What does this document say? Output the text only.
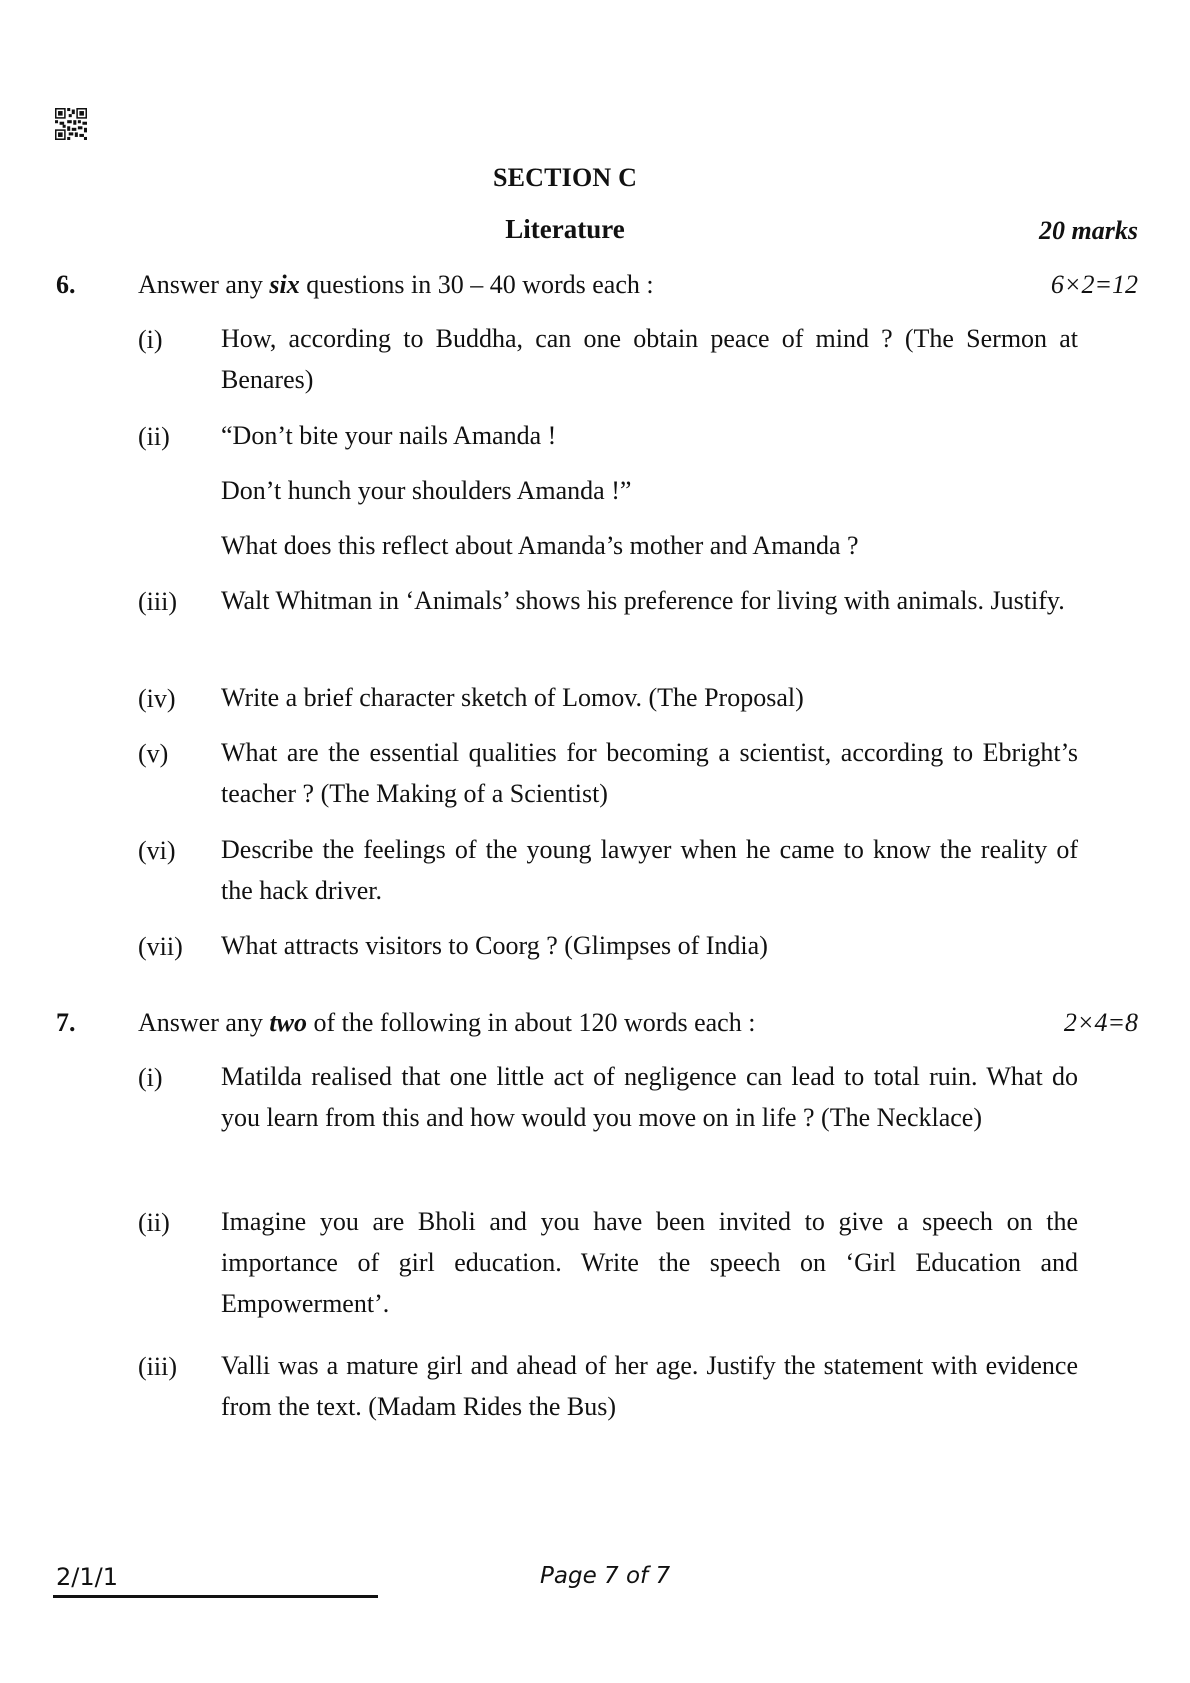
SECTION C
Literature	20 marks
6. Answer any six questions in 30 – 40 words each :	6×2=12
(i) How, according to Buddha, can one obtain peace of mind ? (The Sermon at Benares)
(ii) “Don’t bite your nails Amanda !
Don’t hunch your shoulders Amanda !”
What does this reflect about Amanda’s mother and Amanda ?
(iii) Walt Whitman in ‘Animals’ shows his preference for living with animals. Justify.
(iv) Write a brief character sketch of Lomov. (The Proposal)
(v) What are the essential qualities for becoming a scientist, according to Ebright’s teacher ? (The Making of a Scientist)
(vi) Describe the feelings of the young lawyer when he came to know the reality of the hack driver.
(vii) What attracts visitors to Coorg ? (Glimpses of India)
7. Answer any two of the following in about 120 words each :	2×4=8
(i) Matilda realised that one little act of negligence can lead to total ruin. What do you learn from this and how would you move on in life ? (The Necklace)
(ii) Imagine you are Bholi and you have been invited to give a speech on the importance of girl education. Write the speech on ‘Girl Education and Empowerment’.
(iii) Valli was a mature girl and ahead of her age. Justify the statement with evidence from the text. (Madam Rides the Bus)
2/1/1	Page 7 of 7
